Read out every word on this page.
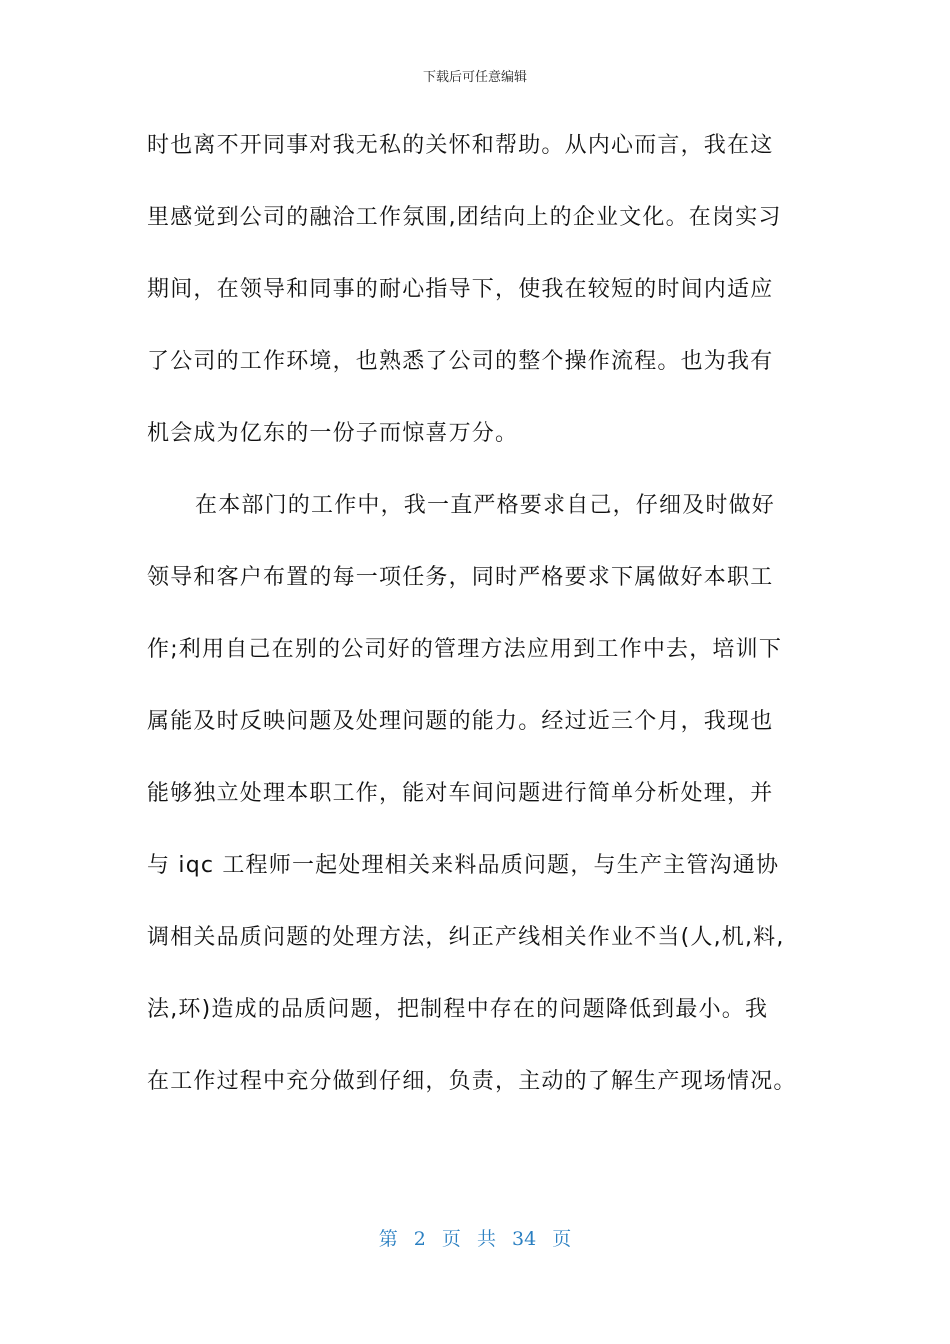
下载后可任意编辑
时也离不开同事对我无私的关怀和帮助。从内心而言，我在这
里感觉到公司的融洽工作氛围,团结向上的企业文化。在岗实习
期间，在领导和同事的耐心指导下，使我在较短的时间内适应
了公司的工作环境，也熟悉了公司的整个操作流程。也为我有
机会成为亿东的一份子而惊喜万分。
在本部门的工作中，我一直严格要求自己，仔细及时做好
领导和客户布置的每一项任务，同时严格要求下属做好本职工
作;利用自己在别的公司好的管理方法应用到工作中去，培训下
属能及时反映问题及处理问题的能力。经过近三个月，我现也
能够独立处理本职工作，能对车间问题进行简单分析处理，并
与 iqc 工程师一起处理相关来料品质问题，与生产主管沟通协
调相关品质问题的处理方法，纠正产线相关作业不当(人,机,料,
法,环)造成的品质问题，把制程中存在的问题降低到最小。我
在工作过程中充分做到仔细，负责，主动的了解生产现场情况。
第 2 页 共 34 页
